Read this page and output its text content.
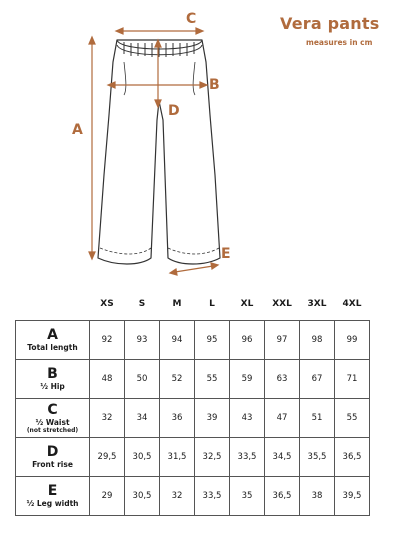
Vera pants
measures in cm
A
B
C
D
E
	XS	S	M	L	XL	XXL	3XL	4XL

A
Total length	92	93	94	95	96	97	98	99

B
½ Hip	48	50	52	55	59	63	67	71

C
½ Waist
(not stretched)	32	34	36	39	43	47	51	55

D
Front rise	29,5	30,5	31,5	32,5	33,5	34,5	35,5	36,5

E
½ Leg width	29	30,5	32	33,5	35	36,5	38	39,5
